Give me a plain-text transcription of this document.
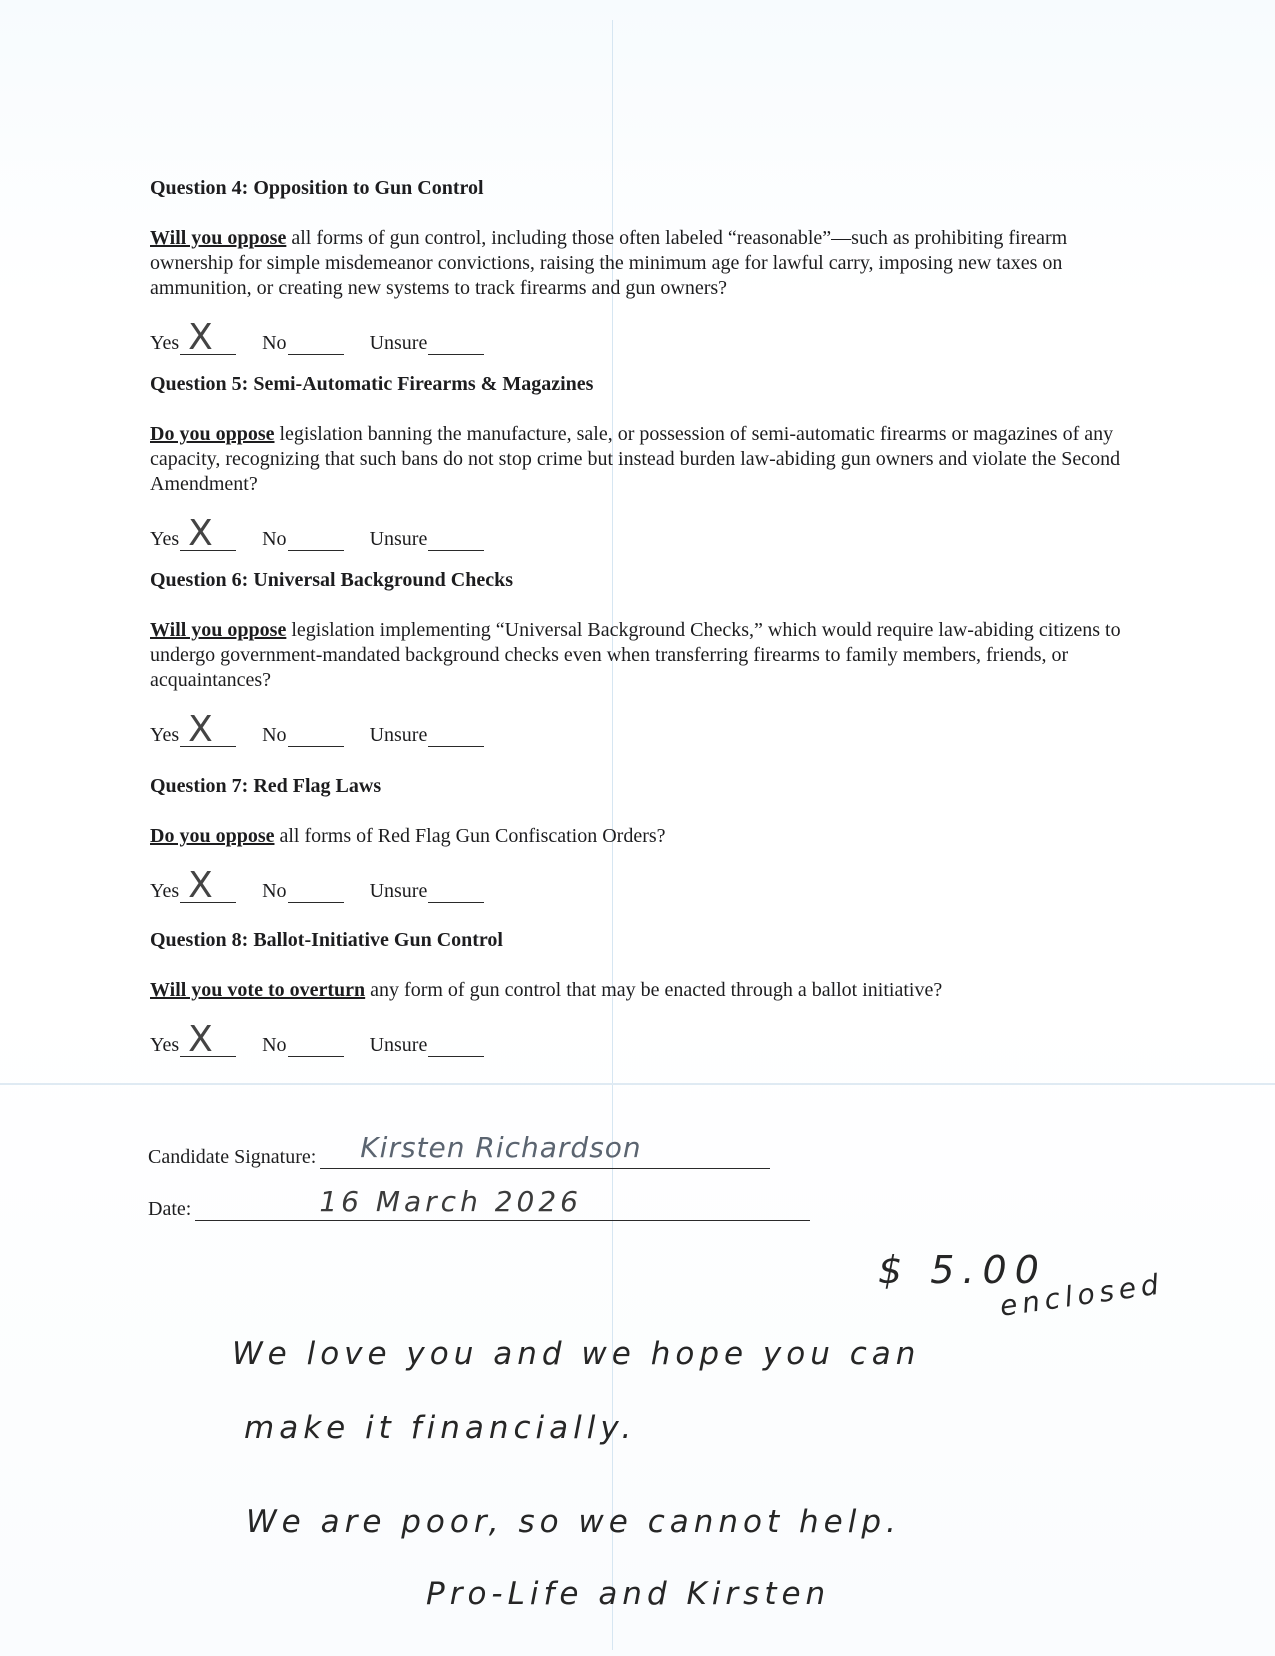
Question 4: Opposition to Gun Control

Will you oppose all forms of gun control, including those often labeled “reasonable”—such as prohibiting firearm ownership for simple misdemeanor convictions, raising the minimum age for lawful carry, imposing new taxes on ammunition, or creating new systems to track firearms and gun owners?

Yes X No	Unsure

Question 5: Semi-Automatic Firearms & Magazines

Do you oppose legislation banning the manufacture, sale, or possession of semi-automatic firearms or magazines of any capacity, recognizing that such bans do not stop crime but instead burden law-abiding gun owners and violate the Second Amendment?

Yes X No	Unsure

Question 6: Universal Background Checks

Will you oppose legislation implementing “Universal Background Checks,” which would require law-abiding citizens to undergo government-mandated background checks even when transferring firearms to family members, friends, or acquaintances?

Yes X No	Unsure

Question 7: Red Flag Laws

Do you oppose all forms of Red Flag Gun Confiscation Orders?

Yes X No	Unsure

Question 8: Ballot-Initiative Gun Control

Will you vote to overturn any form of gun control that may be enacted through a ballot initiative?

Yes X No	Unsure
Candidate Signature: Kirsten Richardson
Date:	16 March 2026
$ 5.00
enclosed
We love you and we hope you can
make it financially.
We are poor, so we cannot help.
Pro-Life and Kirsten
